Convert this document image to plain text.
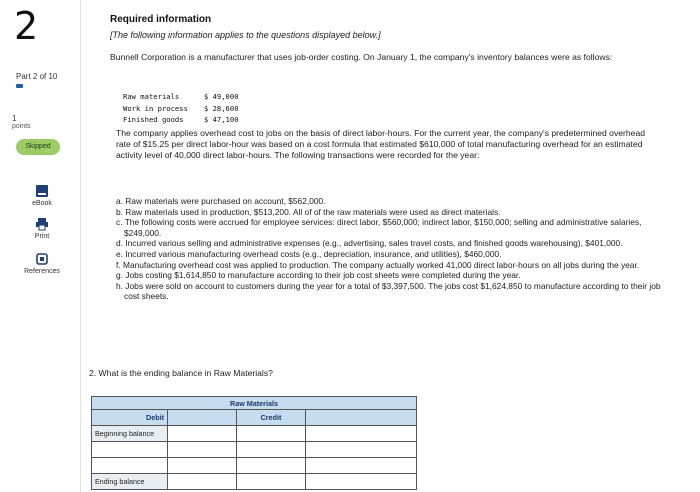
2
Part 2 of 10
1
points
Skipped
eBook
Print
References
Required information
[The following information applies to the questions displayed below.]
Bunnell Corporation is a manufacturer that uses job-order costing. On January 1, the company's inventory balances were as follows:
Raw materials	$ 49,000
Work in process	$ 28,600
Finished goods	$ 47,100
The company applies overhead cost to jobs on the basis of direct labor-hours. For the current year, the company's predetermined overhead rate of $15.25 per direct labor-hour was based on a cost formula that estimated $610,000 of total manufacturing overhead for an estimated activity level of 40,000 direct labor-hours. The following transactions were recorded for the year:
a. Raw materials were purchased on account, $562,000.
b. Raw materials used in production, $513,200. All of of the raw materials were used as direct materials.
c. The following costs were accrued for employee services: direct labor, $560,000; indirect labor, $150,000; selling and administrative salaries, $249,000.
d. Incurred various selling and administrative expenses (e.g., advertising, sales travel costs, and finished goods warehousing), $401,000.
e. Incurred various manufacturing overhead costs (e.g., depreciation, insurance, and utilities), $460,000.
f. Manufacturing overhead cost was applied to production. The company actually worked 41,000 direct labor-hours on all jobs during the year.
g. Jobs costing $1,614,850 to manufacture according to their job cost sheets were completed during the year.
h. Jobs were sold on account to customers during the year for a total of $3,397,500. The jobs cost $1,624,850 to manufacture according to their job cost sheets.
2. What is the ending balance in Raw Materials?
Raw Materials			
Debit		Credit	
Beginning balance			

Ending balance			
